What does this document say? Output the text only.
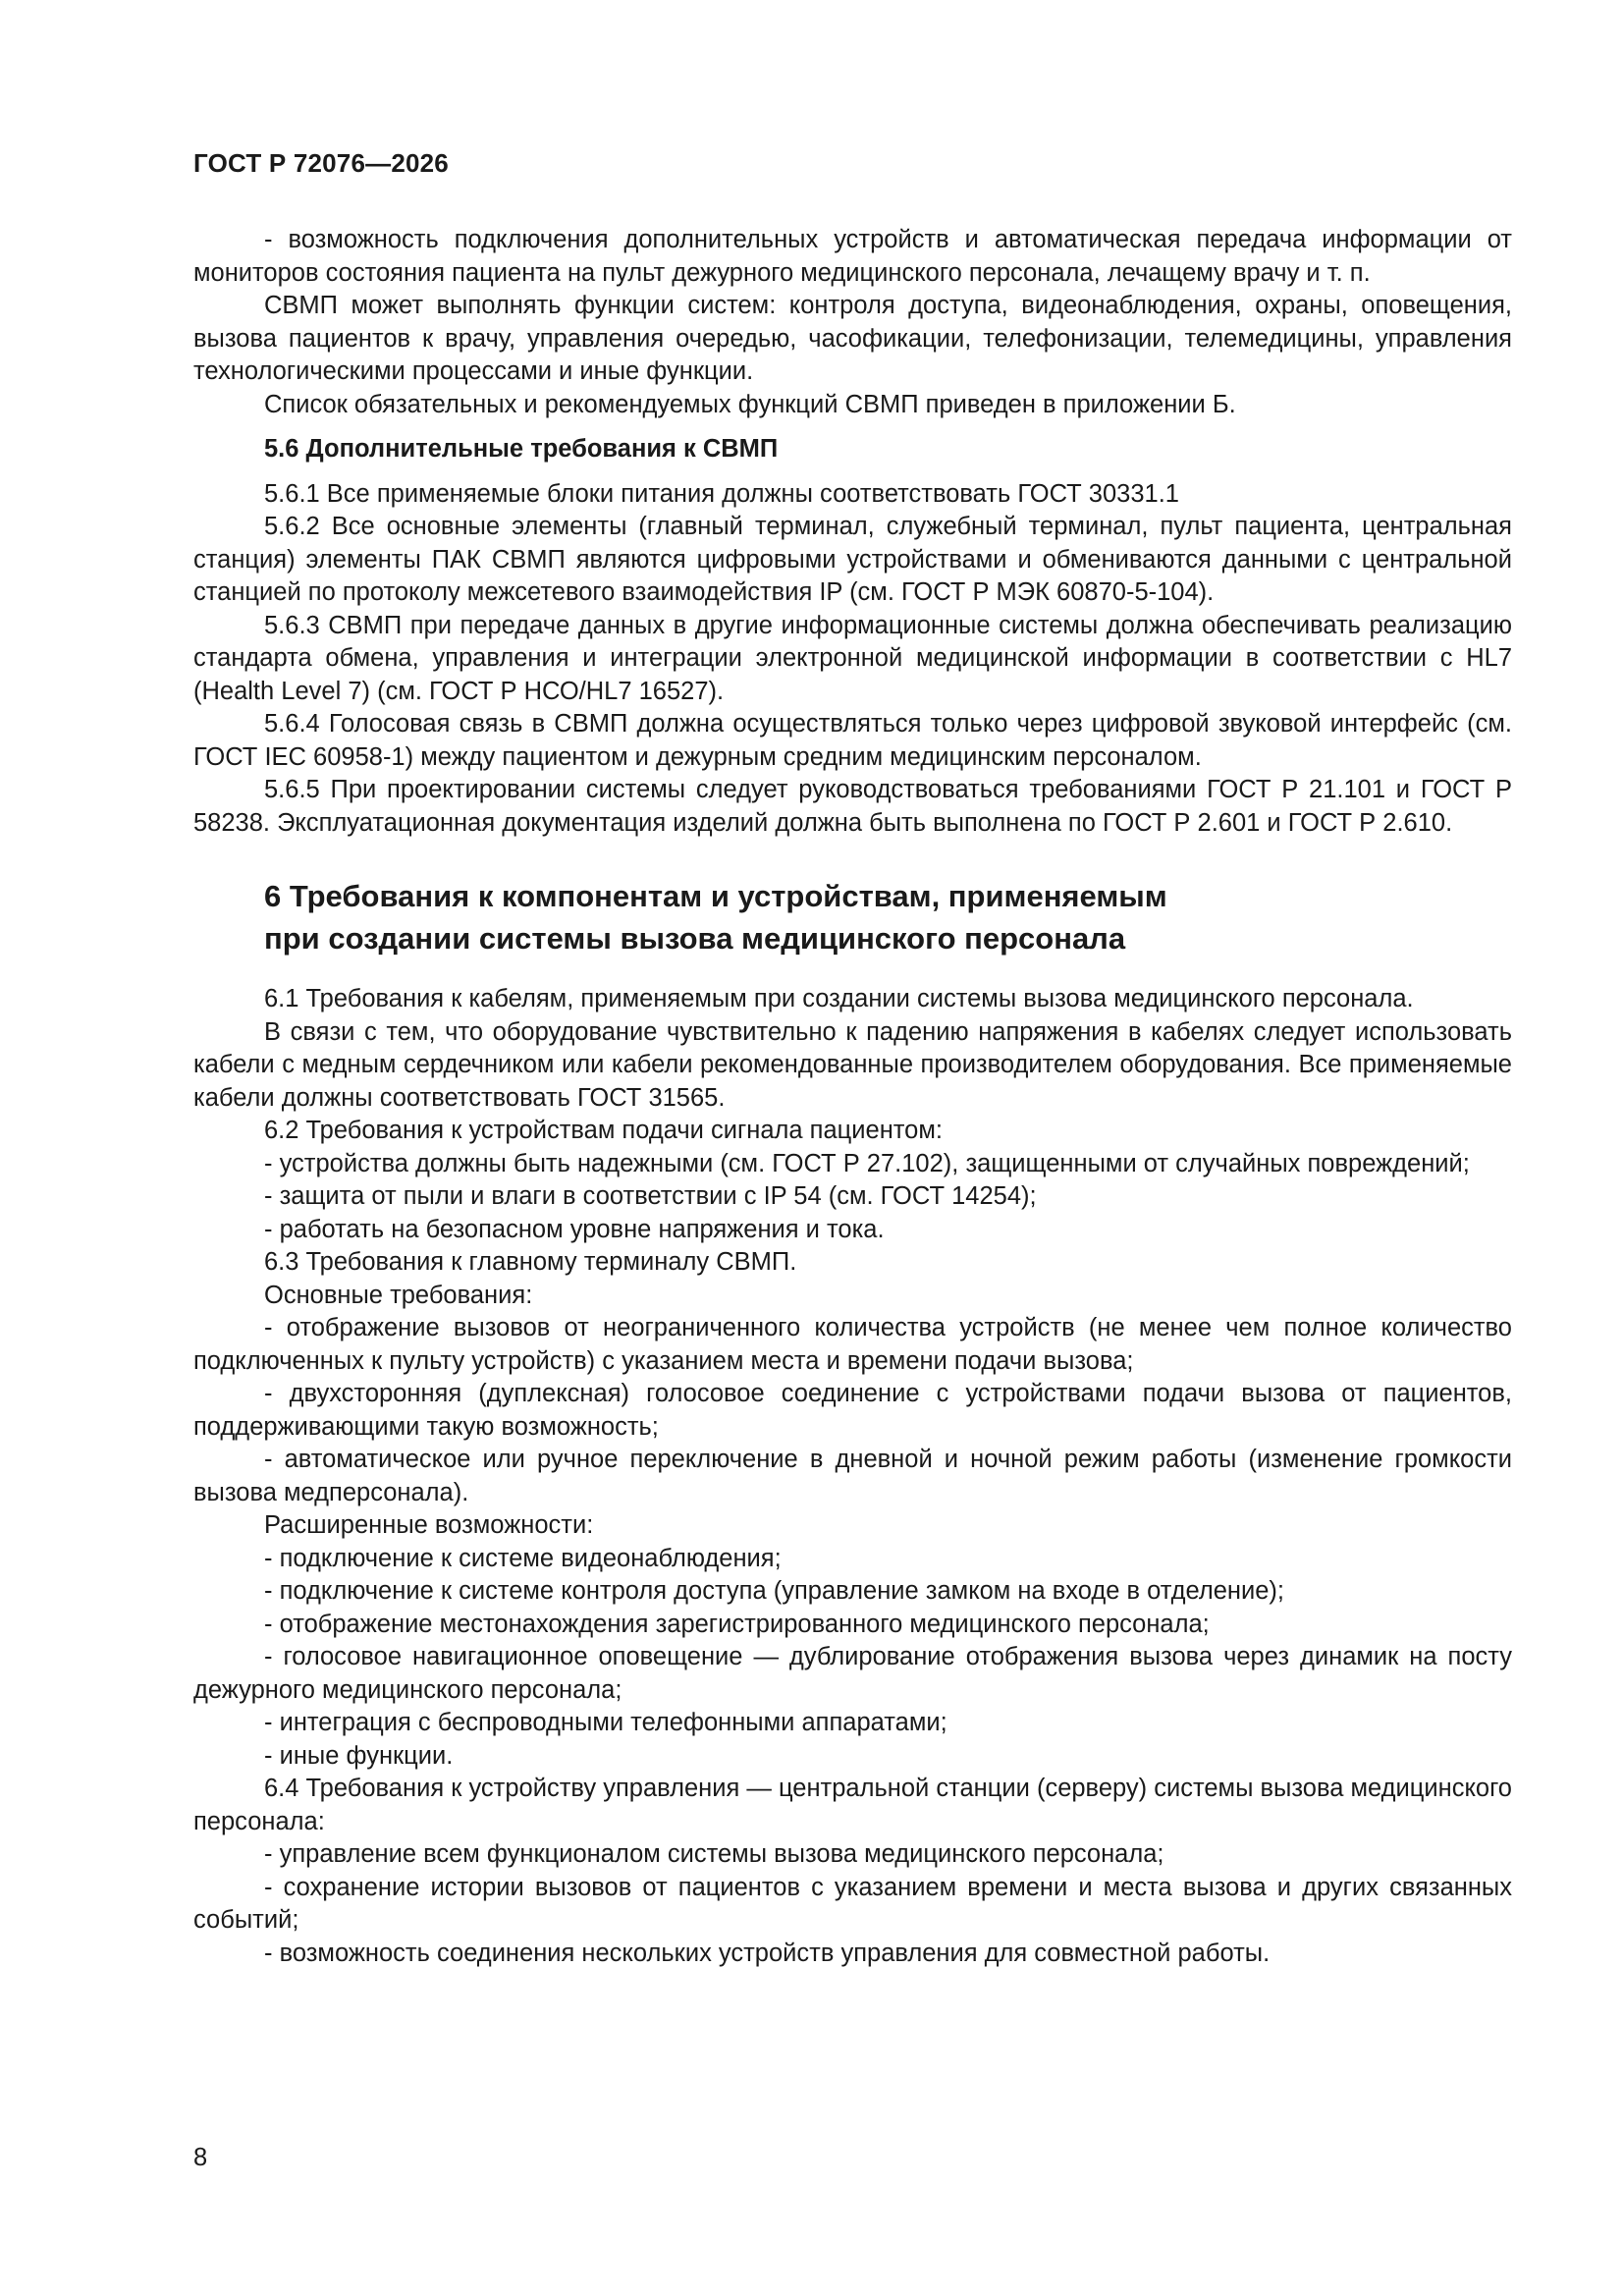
ГОСТ Р 72076—2026

- возможность подключения дополнительных устройств и автоматическая передача информации от мониторов состояния пациента на пульт дежурного медицинского персонала, лечащему врачу и т. п.

СВМП может выполнять функции систем: контроля доступа, видеонаблюдения, охраны, оповещения, вызова пациентов к врачу, управления очередью, часофикации, телефонизации, телемедицины, управления технологическими процессами и иные функции.

Список обязательных и рекомендуемых функций СВМП приведен в приложении Б.

5.6 Дополнительные требования к СВМП

5.6.1 Все применяемые блоки питания должны соответствовать ГОСТ 30331.1

5.6.2 Все основные элементы (главный терминал, служебный терминал, пульт пациента, центральная станция) элементы ПАК СВМП являются цифровыми устройствами и обмениваются данными с центральной станцией по протоколу межсетевого взаимодействия IP (см. ГОСТ Р МЭК 60870-5-104).

5.6.3 СВМП при передаче данных в другие информационные системы должна обеспечивать реализацию стандарта обмена, управления и интеграции электронной медицинской информации в соответствии с HL7 (Health Level 7) (см. ГОСТ Р НСО/HL7 16527).

5.6.4 Голосовая связь в СВМП должна осуществляться только через цифровой звуковой интерфейс (см. ГОСТ IEC 60958-1) между пациентом и дежурным средним медицинским персоналом.

5.6.5 При проектировании системы следует руководствоваться требованиями ГОСТ Р 21.101 и ГОСТ Р 58238. Эксплуатационная документация изделий должна быть выполнена по ГОСТ Р 2.601 и ГОСТ Р 2.610.

6 Требования к компонентам и устройствам, применяемым
при создании системы вызова медицинского персонала

6.1 Требования к кабелям, применяемым при создании системы вызова медицинского персонала.

В связи с тем, что оборудование чувствительно к падению напряжения в кабелях следует использовать кабели с медным сердечником или кабели рекомендованные производителем оборудования. Все применяемые кабели должны соответствовать ГОСТ 31565.

6.2 Требования к устройствам подачи сигнала пациентом:

- устройства должны быть надежными (см. ГОСТ Р 27.102), защищенными от случайных повреждений;

- защита от пыли и влаги в соответствии с IP 54 (см. ГОСТ 14254);

- работать на безопасном уровне напряжения и тока.

6.3 Требования к главному терминалу СВМП.

Основные требования:

- отображение вызовов от неограниченного количества устройств (не менее чем полное количество подключенных к пульту устройств) с указанием места и времени подачи вызова;

- двухсторонняя (дуплексная) голосовое соединение с устройствами подачи вызова от пациентов, поддерживающими такую возможность;

- автоматическое или ручное переключение в дневной и ночной режим работы (изменение громкости вызова медперсонала).

Расширенные возможности:

- подключение к системе видеонаблюдения;

- подключение к системе контроля доступа (управление замком на входе в отделение);

- отображение местонахождения зарегистрированного медицинского персонала;

- голосовое навигационное оповещение — дублирование отображения вызова через динамик на посту дежурного медицинского персонала;

- интеграция с беспроводными телефонными аппаратами;

- иные функции.

6.4 Требования к устройству управления — центральной станции (серверу) системы вызова медицинского персонала:

- управление всем функционалом системы вызова медицинского персонала;

- сохранение истории вызовов от пациентов с указанием времени и места вызова и других связанных событий;

- возможность соединения нескольких устройств управления для совместной работы.

8
